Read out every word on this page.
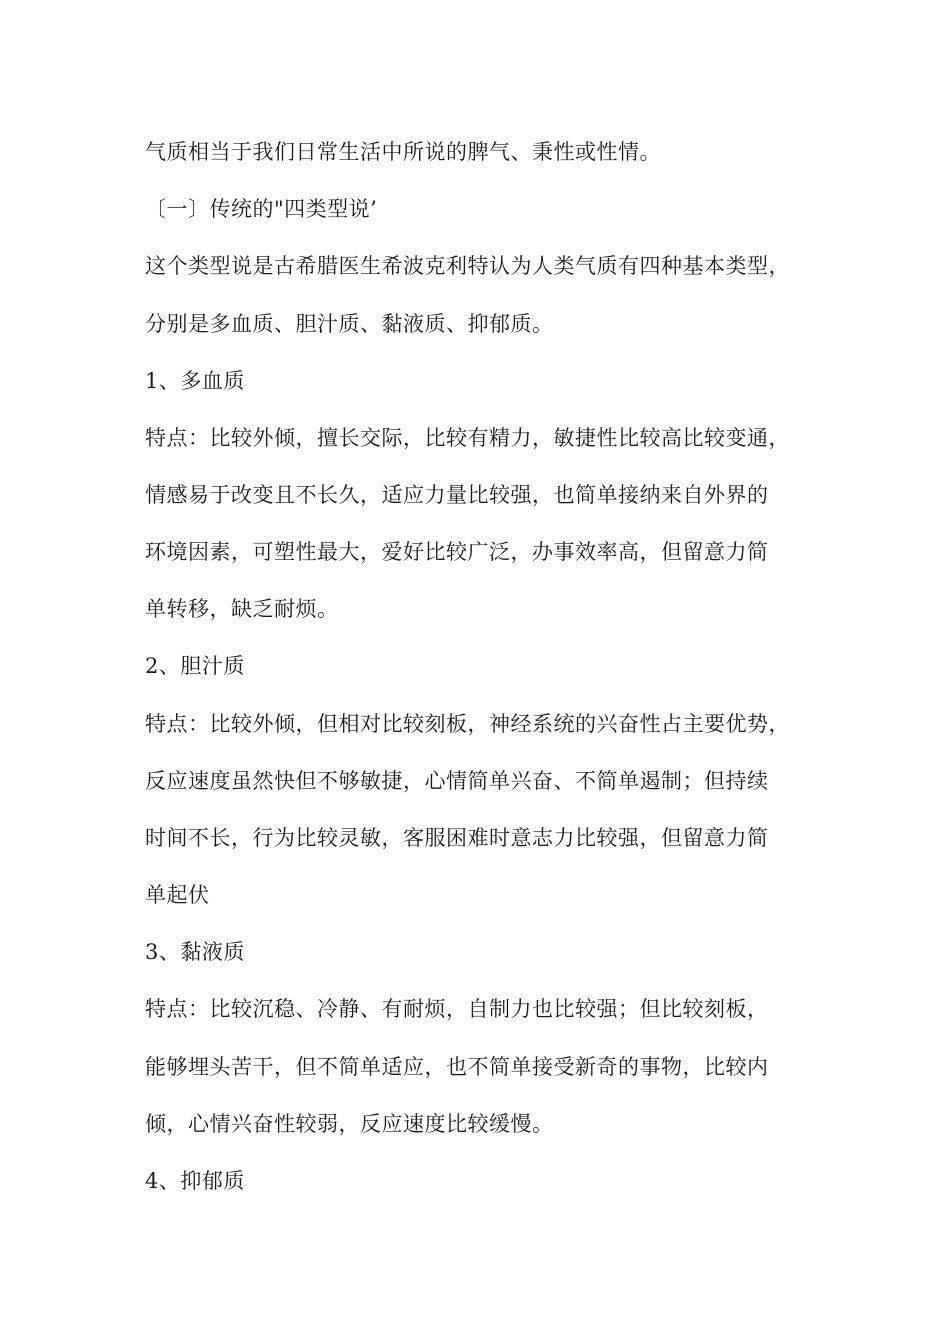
气质相当于我们日常生活中所说的脾气、秉性或性情。
〔一〕传统的"四类型说’
这个类型说是古希腊医生希波克利特认为人类气质有四种基本类型，
分别是多血质、胆汁质、黏液质、抑郁质。
1、多血质
特点：比较外倾，擅长交际，比较有精力，敏捷性比较高比较变通，
情感易于改变且不长久，适应力量比较强，也简单接纳来自外界的
环境因素，可塑性最大，爱好比较广泛，办事效率高，但留意力简
单转移，缺乏耐烦。
2、胆汁质
特点：比较外倾，但相对比较刻板，神经系统的兴奋性占主要优势，
反应速度虽然快但不够敏捷，心情简单兴奋、不简单遏制；但持续
时间不长，行为比较灵敏，客服困难时意志力比较强，但留意力简
单起伏
3、黏液质
特点：比较沉稳、冷静、有耐烦，自制力也比较强；但比较刻板，
能够埋头苦干，但不简单适应，也不简单接受新奇的事物，比较内
倾，心情兴奋性较弱，反应速度比较缓慢。
4、抑郁质
